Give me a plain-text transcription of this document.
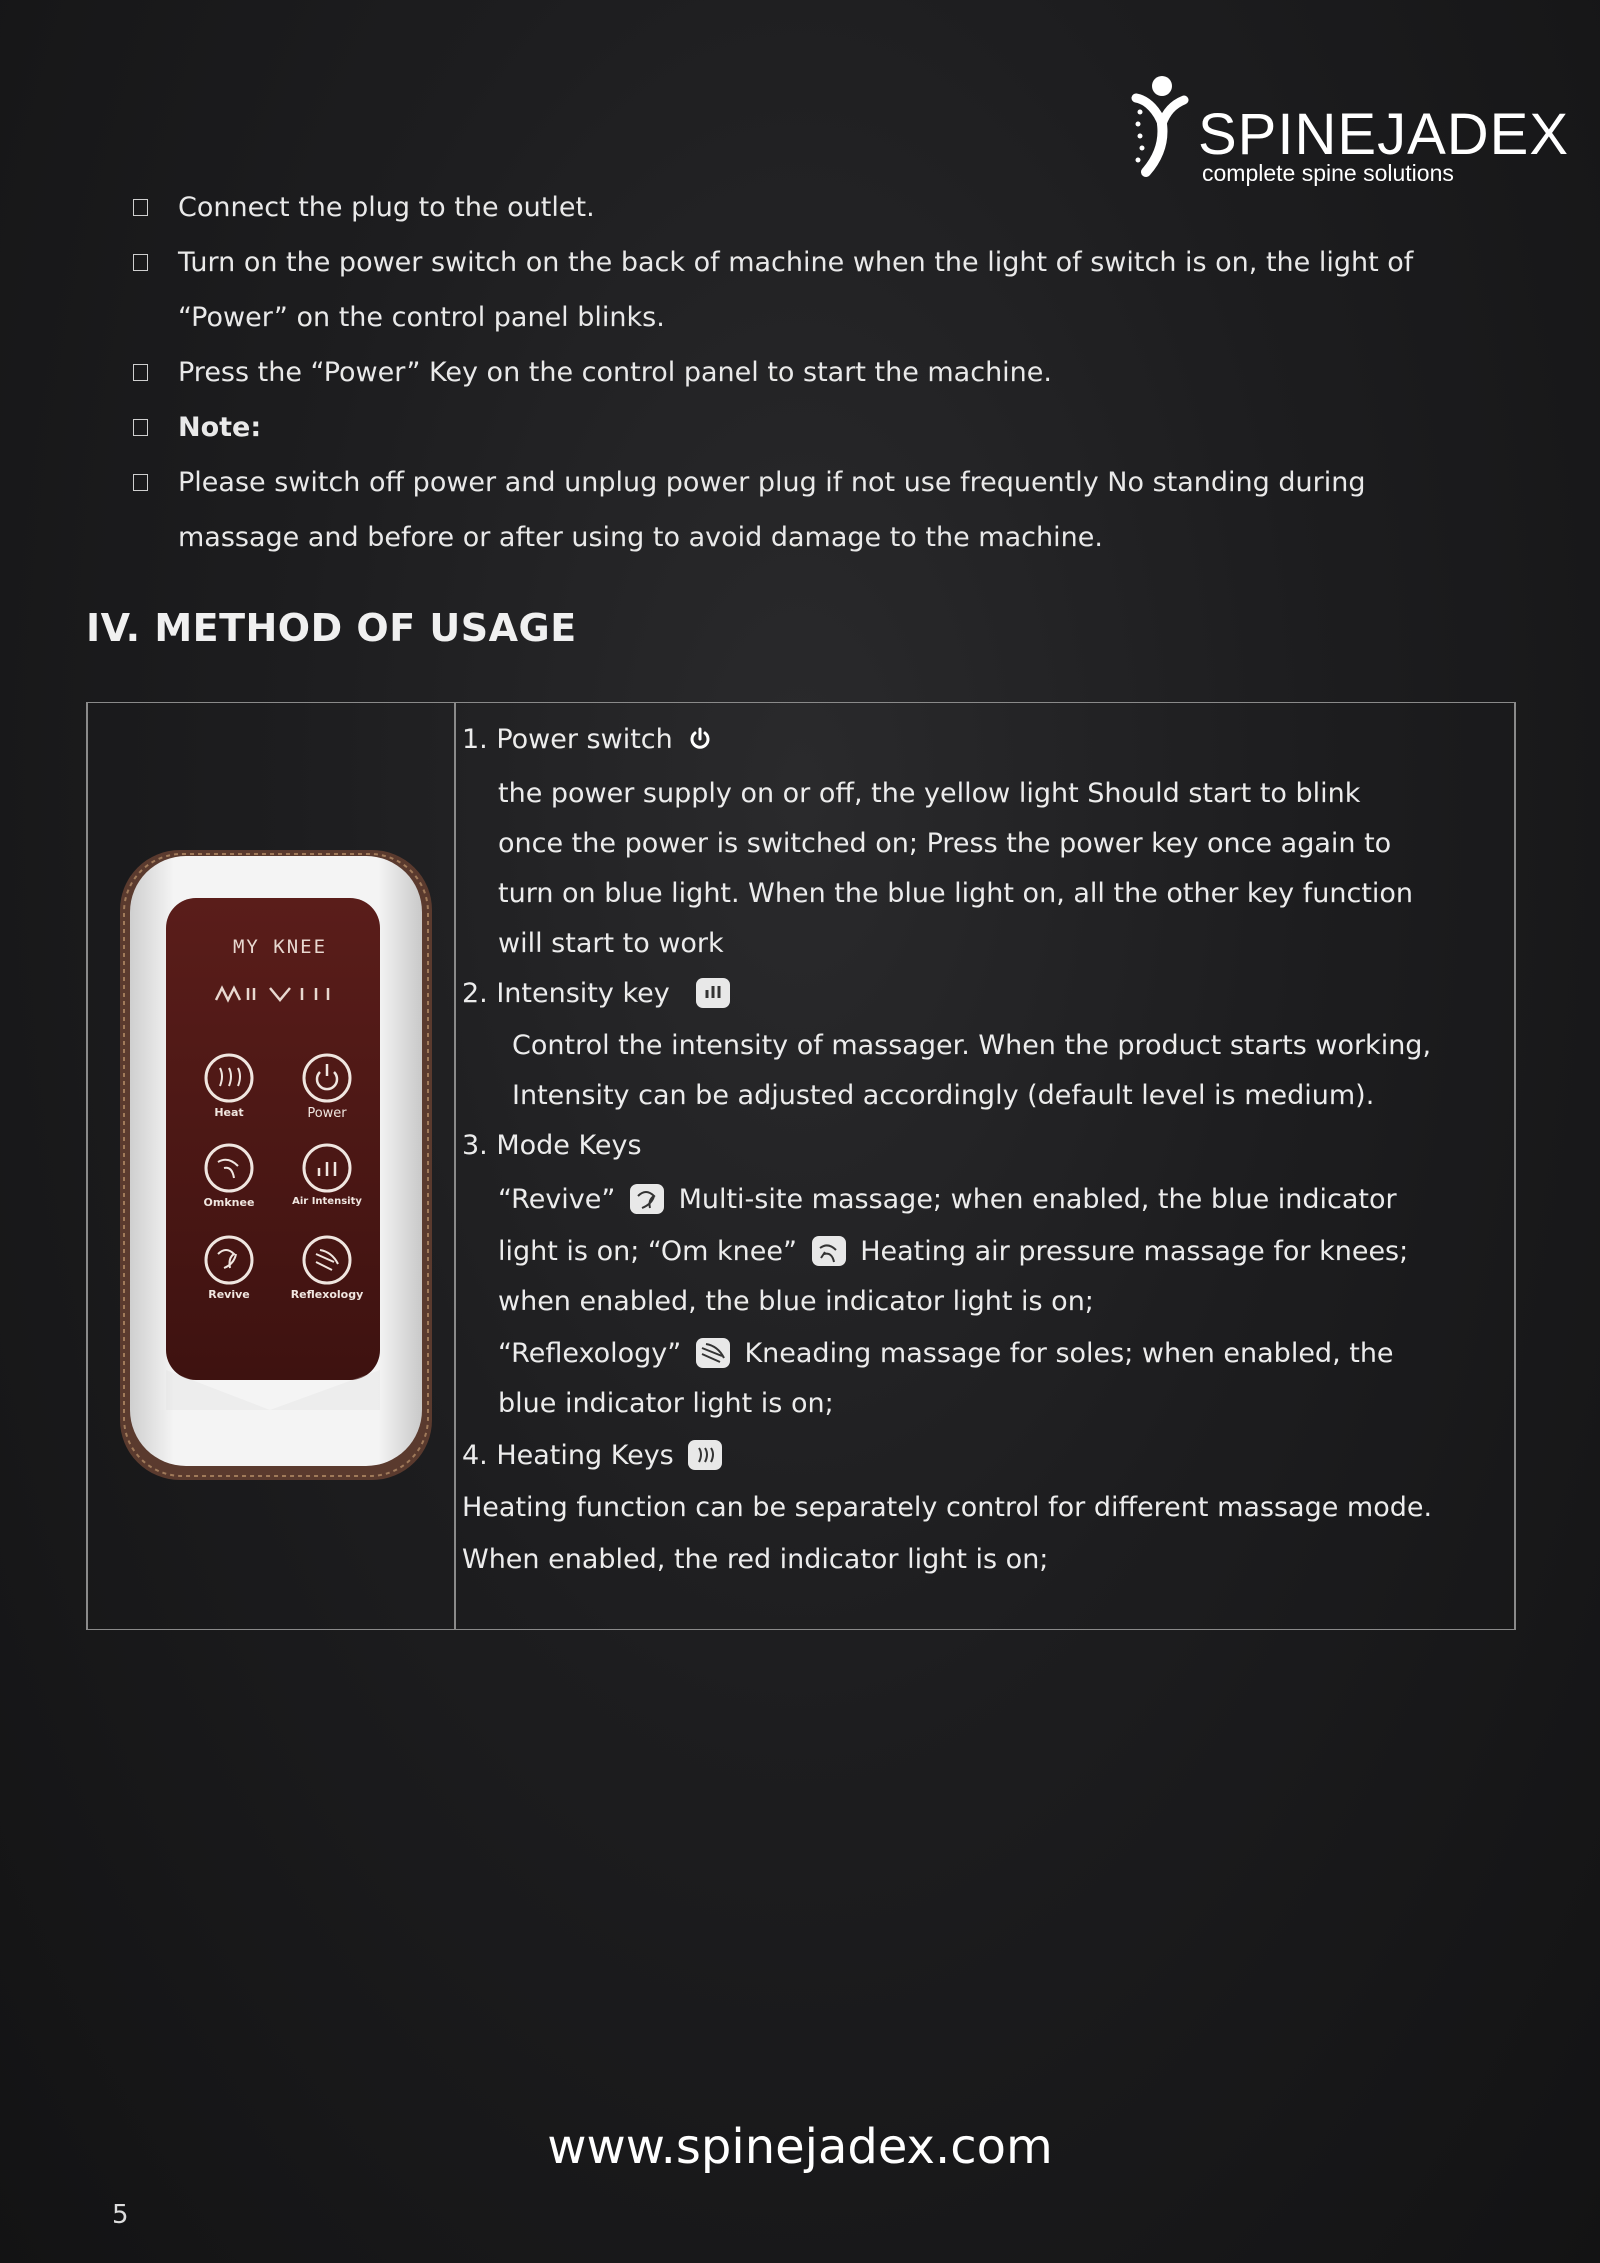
SPINEJADEX
complete spine solutions
Connect the plug to the outlet.
Turn on the power switch on the back of machine when the light of switch is on, the light of
“Power” on the control panel blinks.
Press the “Power” Key on the control panel to start the machine.
Note:
Please switch off power and unplug power plug if not use frequently No standing during
massage and before or after using to avoid damage to the machine.
IV. METHOD OF USAGE
MY KNEE
Heat	Power
Omknee	Air Intensity
Revive	Reflexology
1. Power switch
the power supply on or off, the yellow light Should start to blink
once the power is switched on; Press the power key once again to
turn on blue light. When the blue light on, all the other key function
will start to work
2. Intensity key
Control the intensity of massager. When the product starts working,
Intensity can be adjusted accordingly (default level is medium).
3. Mode Keys
“Revive” Multi-site massage; when enabled, the blue indicator
light is on; “Om knee” Heating air pressure massage for knees;
when enabled, the blue indicator light is on;
“Reflexology” Kneading massage for soles; when enabled, the
blue indicator light is on;
4. Heating Keys
Heating function can be separately control for different massage mode.
When enabled, the red indicator light is on;
www.spinejadex.com
5
